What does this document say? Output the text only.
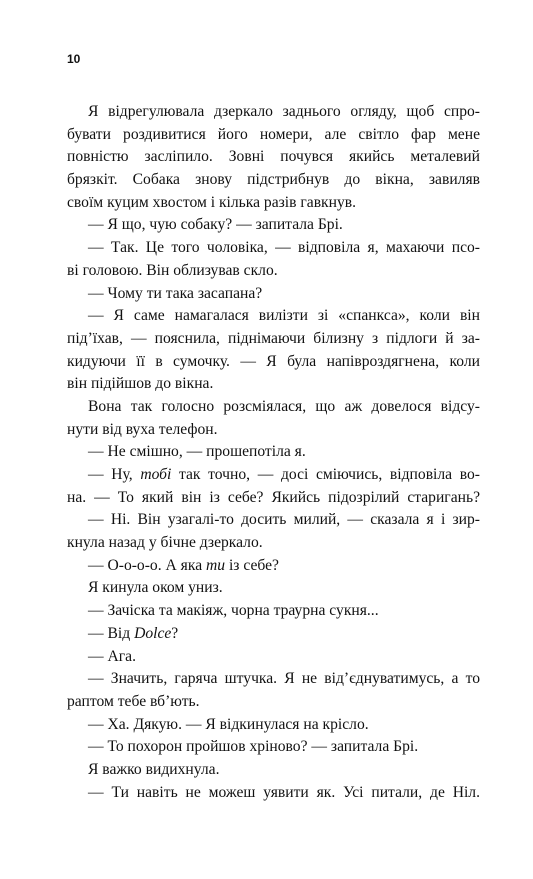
10
Я відрегулювала дзеркало заднього огляду, щоб спро-
бувати роздивитися його номери, але світло фар мене
повністю засліпило. Зовні почувся якийсь металевий
брязкіт. Собака знову підстрибнув до вікна, завиляв
своїм куцим хвостом і кілька разів гавкнув.
— Я що, чую собаку? — запитала Брі.
— Так. Це того чоловіка, — відповіла я, махаючи псо-
ві головою. Він облизував скло.
— Чому ти така засапана?
— Я саме намагалася вилізти зі «спанкса», коли він
під’їхав, — пояснила, піднімаючи білизну з підлоги й за-
кидуючи її в сумочку. — Я була напівроздягнена, коли
він підійшов до вікна.
Вона так голосно розсміялася, що аж довелося відсу-
нути від вуха телефон.
— Не смішно, — прошепотіла я.
— Ну, тобі так точно, — досі сміючись, відповіла во-
на. — То який він із себе? Якийсь підозрілий старигань?
— Ні. Він узагалі-то досить милий, — сказала я і зир-
кнула назад у бічне дзеркало.
— О-о-о-о. А яка ти із себе?
Я кинула оком униз.
— Зачіска та макіяж, чорна траурна сукня...
— Від Dolce?
— Ага.
— Значить, гаряча штучка. Я не від’єднуватимусь, а то
раптом тебе вб’ють.
— Ха. Дякую. — Я відкинулася на крісло.
— То похорон пройшов хріново? — запитала Брі.
Я важко видихнула.
— Ти навіть не можеш уявити як. Усі питали, де Ніл.
